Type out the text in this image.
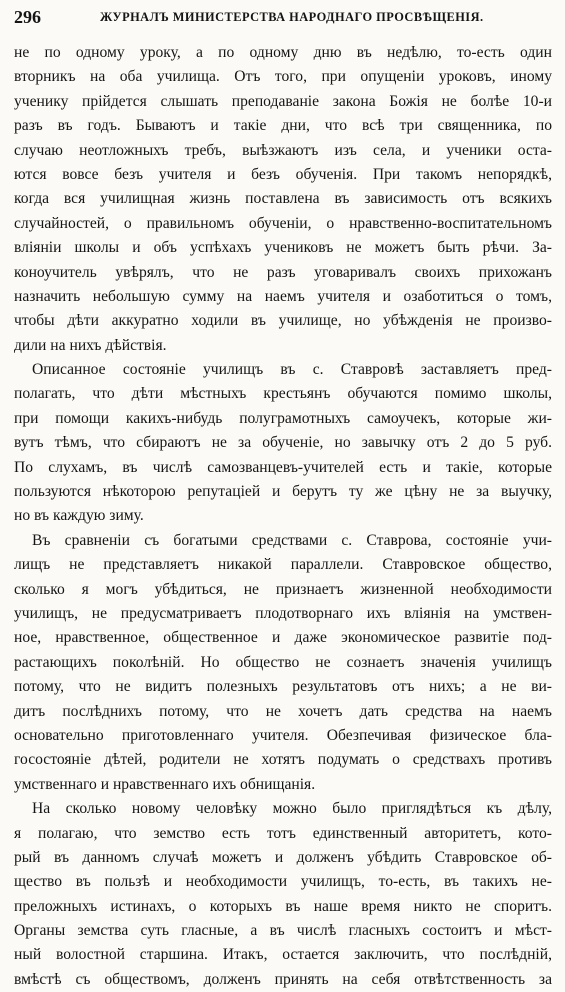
296	ЖУРНАЛЪ МИНИСТЕРСТВА НАРОДНАГО ПРОСВѢЩЕНІЯ.
не по одному уроку, а по одному дню въ недѣлю, то-есть один
вторникъ на оба училища. Отъ того, при опущеніи уроковъ, иному
ученику прійдется слышать преподаваніе закона Божія не болѣе 10-и
разъ въ годъ. Бываютъ и такіе дни, что всѣ три священника, по
случаю неотложныхъ требъ, выѣзжаютъ изъ села, и ученики оста-
ются вовсе безъ учителя и безъ обученія. При такомъ непорядкѣ,
когда вся училищная жизнь поставлена въ зависимость отъ всякихъ
случайностей, о правильномъ обученіи, о нравственно-воспитательномъ
вліяніи школы и объ успѣхахъ учениковъ не можетъ быть рѣчи. За-
коноучитель увѣрялъ, что не разъ уговаривалъ своихъ прихожанъ
назначить небольшую сумму на наемъ учителя и озаботиться о томъ,
чтобы дѣти аккуратно ходили въ училище, но убѣжденія не произво-
дили на нихъ дѣйствія.
Описанное состояніе училищъ въ с. Ставровѣ заставляетъ пред-
полагать, что дѣти мѣстныхъ крестьянъ обучаются помимо школы,
при помощи какихъ-нибудь полуграмотныхъ самоучекъ, которые жи-
вутъ тѣмъ, что сбираютъ не за обученіе, но завычку отъ 2 до 5 руб.
По слухамъ, въ числѣ самозванцевъ-учителей есть и такіе, которые
пользуются нѣкоторою репутаціей и берутъ ту же цѣну не за выучку,
но въ каждую зиму.
Въ сравненіи съ богатыми средствами с. Ставрова, состояніе учи-
лищъ не представляетъ никакой параллели. Ставровское общество,
сколько я могъ убѣдиться, не признаетъ жизненной необходимости
училищъ, не предусматриваетъ плодотворнаго ихъ вліянія на умствен-
ное, нравственное, общественное и даже экономическое развитіе под-
растающихъ поколѣній. Но общество не сознаетъ значенія училищъ
потому, что не видитъ полезныхъ результатовъ отъ нихъ; а не ви-
дитъ послѣднихъ потому, что не хочетъ дать средства на наемъ
основательно приготовленнаго учителя. Обезпечивая физическое бла-
госостояніе дѣтей, родители не хотятъ подумать о средствахъ противъ
умственнаго и нравственнаго ихъ обнищанія.
На сколько новому человѣку можно было приглядѣться къ дѣлу,
я полагаю, что земство есть тотъ единственный авторитетъ, кото-
рый въ данномъ случаѣ можетъ и долженъ убѣдить Ставровское об-
щество въ пользѣ и необходимости училищъ, то-есть, въ такихъ не-
преложныхъ истинахъ, о которыхъ въ наше время никто не споритъ.
Органы земства суть гласные, а въ числѣ гласныхъ состоитъ и мѣст-
ный волостной старшина. Итакъ, остается заключить, что послѣдній,
вмѣстѣ съ обществомъ, долженъ принять на себя отвѣтственность за
